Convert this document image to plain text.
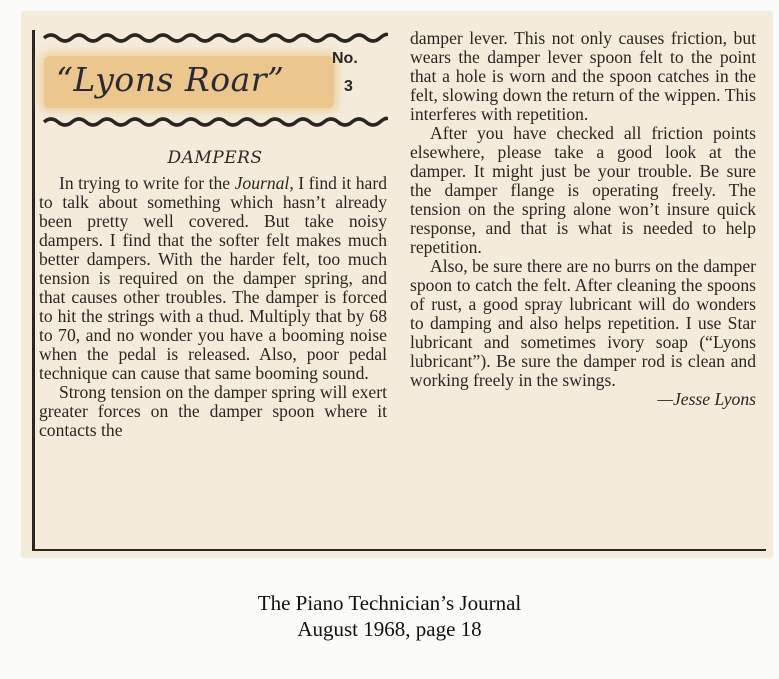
“Lyons Roar”
No.
3
DAMPERS

In trying to write for the Journal, I find it hard to talk about something which hasn’t already been pretty well covered. But take noisy dampers. I find that the softer felt makes much better dampers. With the harder felt, too much tension is required on the damper spring, and that causes other troubles. The damper is forced to hit the strings with a thud. Multiply that by 68 to 70, and no wonder you have a booming noise when the pedal is released. Also, poor pedal technique can cause that same booming sound.

Strong tension on the damper spring will exert greater forces on the damper spoon where it contacts the

damper lever. This not only causes friction, but wears the damper lever spoon felt to the point that a hole is worn and the spoon catches in the felt, slowing down the return of the wippen. This interferes with repetition.

After you have checked all friction points elsewhere, please take a good look at the damper. It might just be your trouble. Be sure the damper flange is operating freely. The tension on the spring alone won’t insure quick response, and that is what is needed to help repetition.

Also, be sure there are no burrs on the damper spoon to catch the felt. After cleaning the spoons of rust, a good spray lubricant will do wonders to damping and also helps repetition. I use Star lubricant and sometimes ivory soap (“Lyons lubricant”). Be sure the damper rod is clean and working freely in the swings.

—Jesse Lyons
The Piano Technician’s Journal
August 1968, page 18
